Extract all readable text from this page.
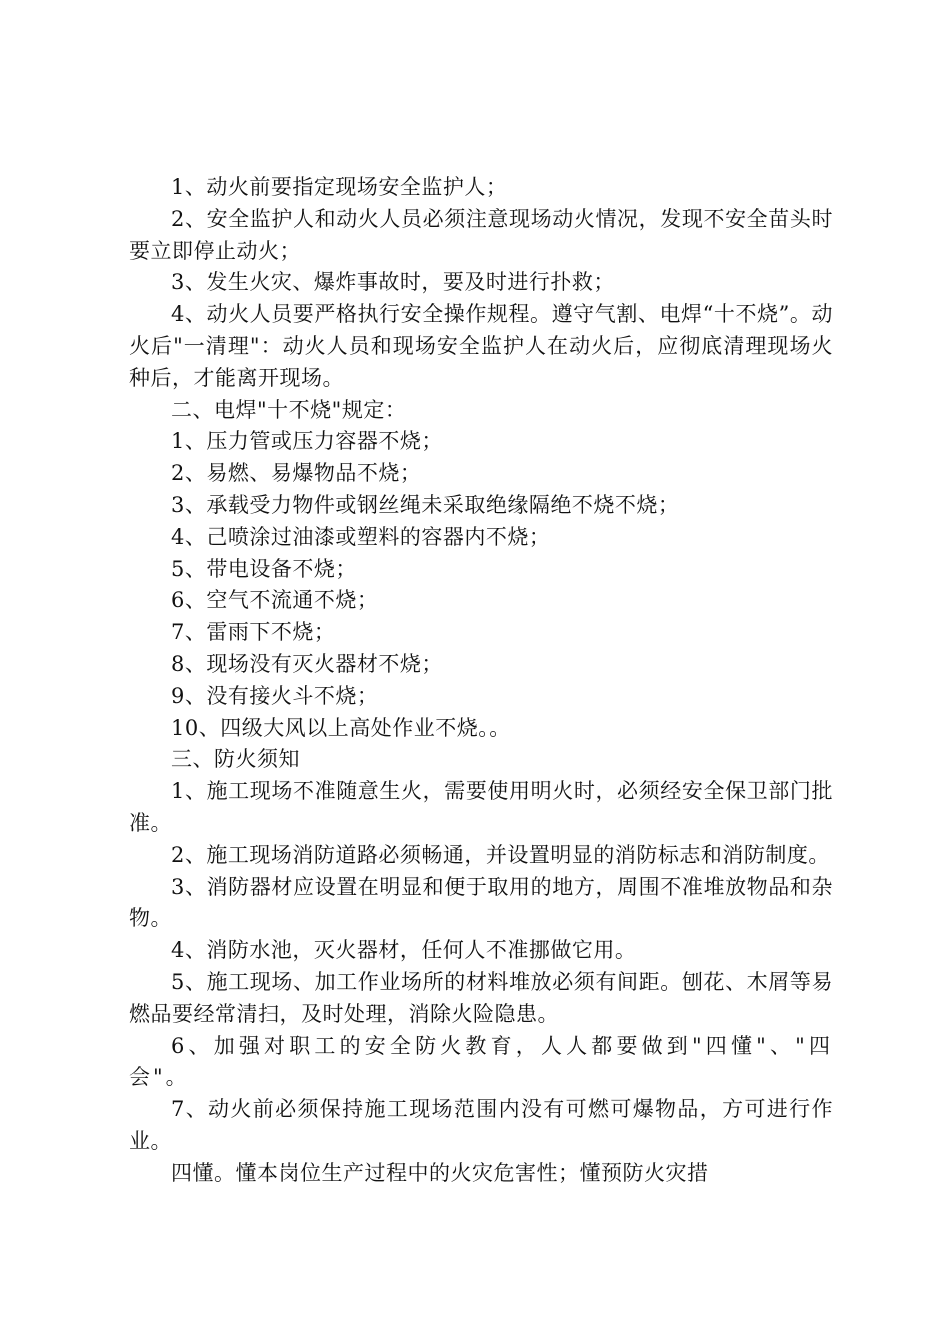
1、动火前要指定现场安全监护人；

2、安全监护人和动火人员必须注意现场动火情况，发现不安全苗头时要立即停止动火；

3、发生火灾、爆炸事故时，要及时进行扑救；

4、动火人员要严格执行安全操作规程。遵守气割、电焊“十不烧”。动火后"一清理"：动火人员和现场安全监护人在动火后，应彻底清理现场火种后，才能离开现场。

二、电焊"十不烧"规定：

1、压力管或压力容器不烧；

2、易燃、易爆物品不烧；

3、承载受力物件或钢丝绳未采取绝缘隔绝不烧不烧；

4、己喷涂过油漆或塑料的容器内不烧；

5、带电设备不烧；

6、空气不流通不烧；

7、雷雨下不烧；

8、现场没有灭火器材不烧；

9、没有接火斗不烧；

10、四级大风以上高处作业不烧。。

三、防火须知

1、施工现场不准随意生火，需要使用明火时，必须经安全保卫部门批准。

2、施工现场消防道路必须畅通，并设置明显的消防标志和消防制度。

3、消防器材应设置在明显和便于取用的地方，周围不准堆放物品和杂物。

4、消防水池，灭火器材，任何人不准挪做它用。

5、施工现场、加工作业场所的材料堆放必须有间距。刨花、木屑等易燃品要经常清扫，及时处理，消除火险隐患。

6、加强对职工的安全防火教育，人人都要做到"四懂"、"四会"。

7、动火前必须保持施工现场范围内没有可燃可爆物品，方可进行作业。

四懂。懂本岗位生产过程中的火灾危害性；懂预防火灾措
